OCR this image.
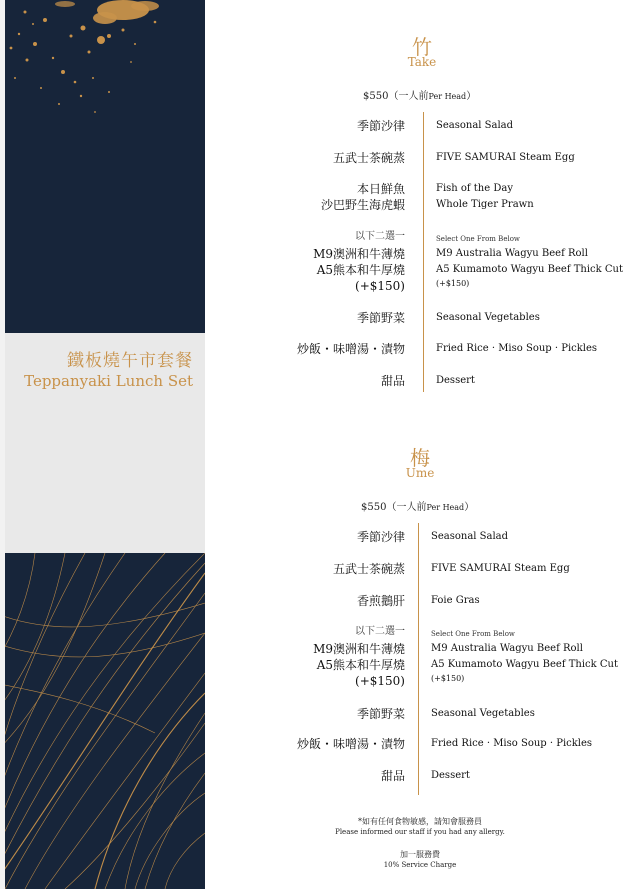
鐵板燒午市套餐
Teppanyaki Lunch Set
竹
Take
$550（一人前Per Head）
季節沙律	Seasonal Salad
五武士茶碗蒸	FIVE SAMURAI Steam Egg
本日鮮魚	Fish of the Day
沙巴野生海虎蝦	Whole Tiger Prawn
以下二選一	Select One From Below
M9澳洲和牛薄燒	M9 Australia Wagyu Beef Roll
A5熊本和牛厚燒	A5 Kumamoto Wagyu Beef Thick Cut
(+$150)	(+$150)
季節野菜	Seasonal Vegetables
炒飯・味噌湯・漬物	Fried Rice · Miso Soup · Pickles
甜品	Dessert
梅
Ume
$550（一人前Per Head）
季節沙律	Seasonal Salad
五武士茶碗蒸	FIVE SAMURAI Steam Egg
香煎鵝肝	Foie Gras
以下二選一	Select One From Below
M9澳洲和牛薄燒	M9 Australia Wagyu Beef Roll
A5熊本和牛厚燒	A5 Kumamoto Wagyu Beef Thick Cut
(+$150)	(+$150)
季節野菜	Seasonal Vegetables
炒飯・味噌湯・漬物	Fried Rice · Miso Soup · Pickles
甜品	Dessert
*如有任何食物敏感，請知會服務員
Please informed our staff if you had any allergy.
加一服務費
10% Service Charge
